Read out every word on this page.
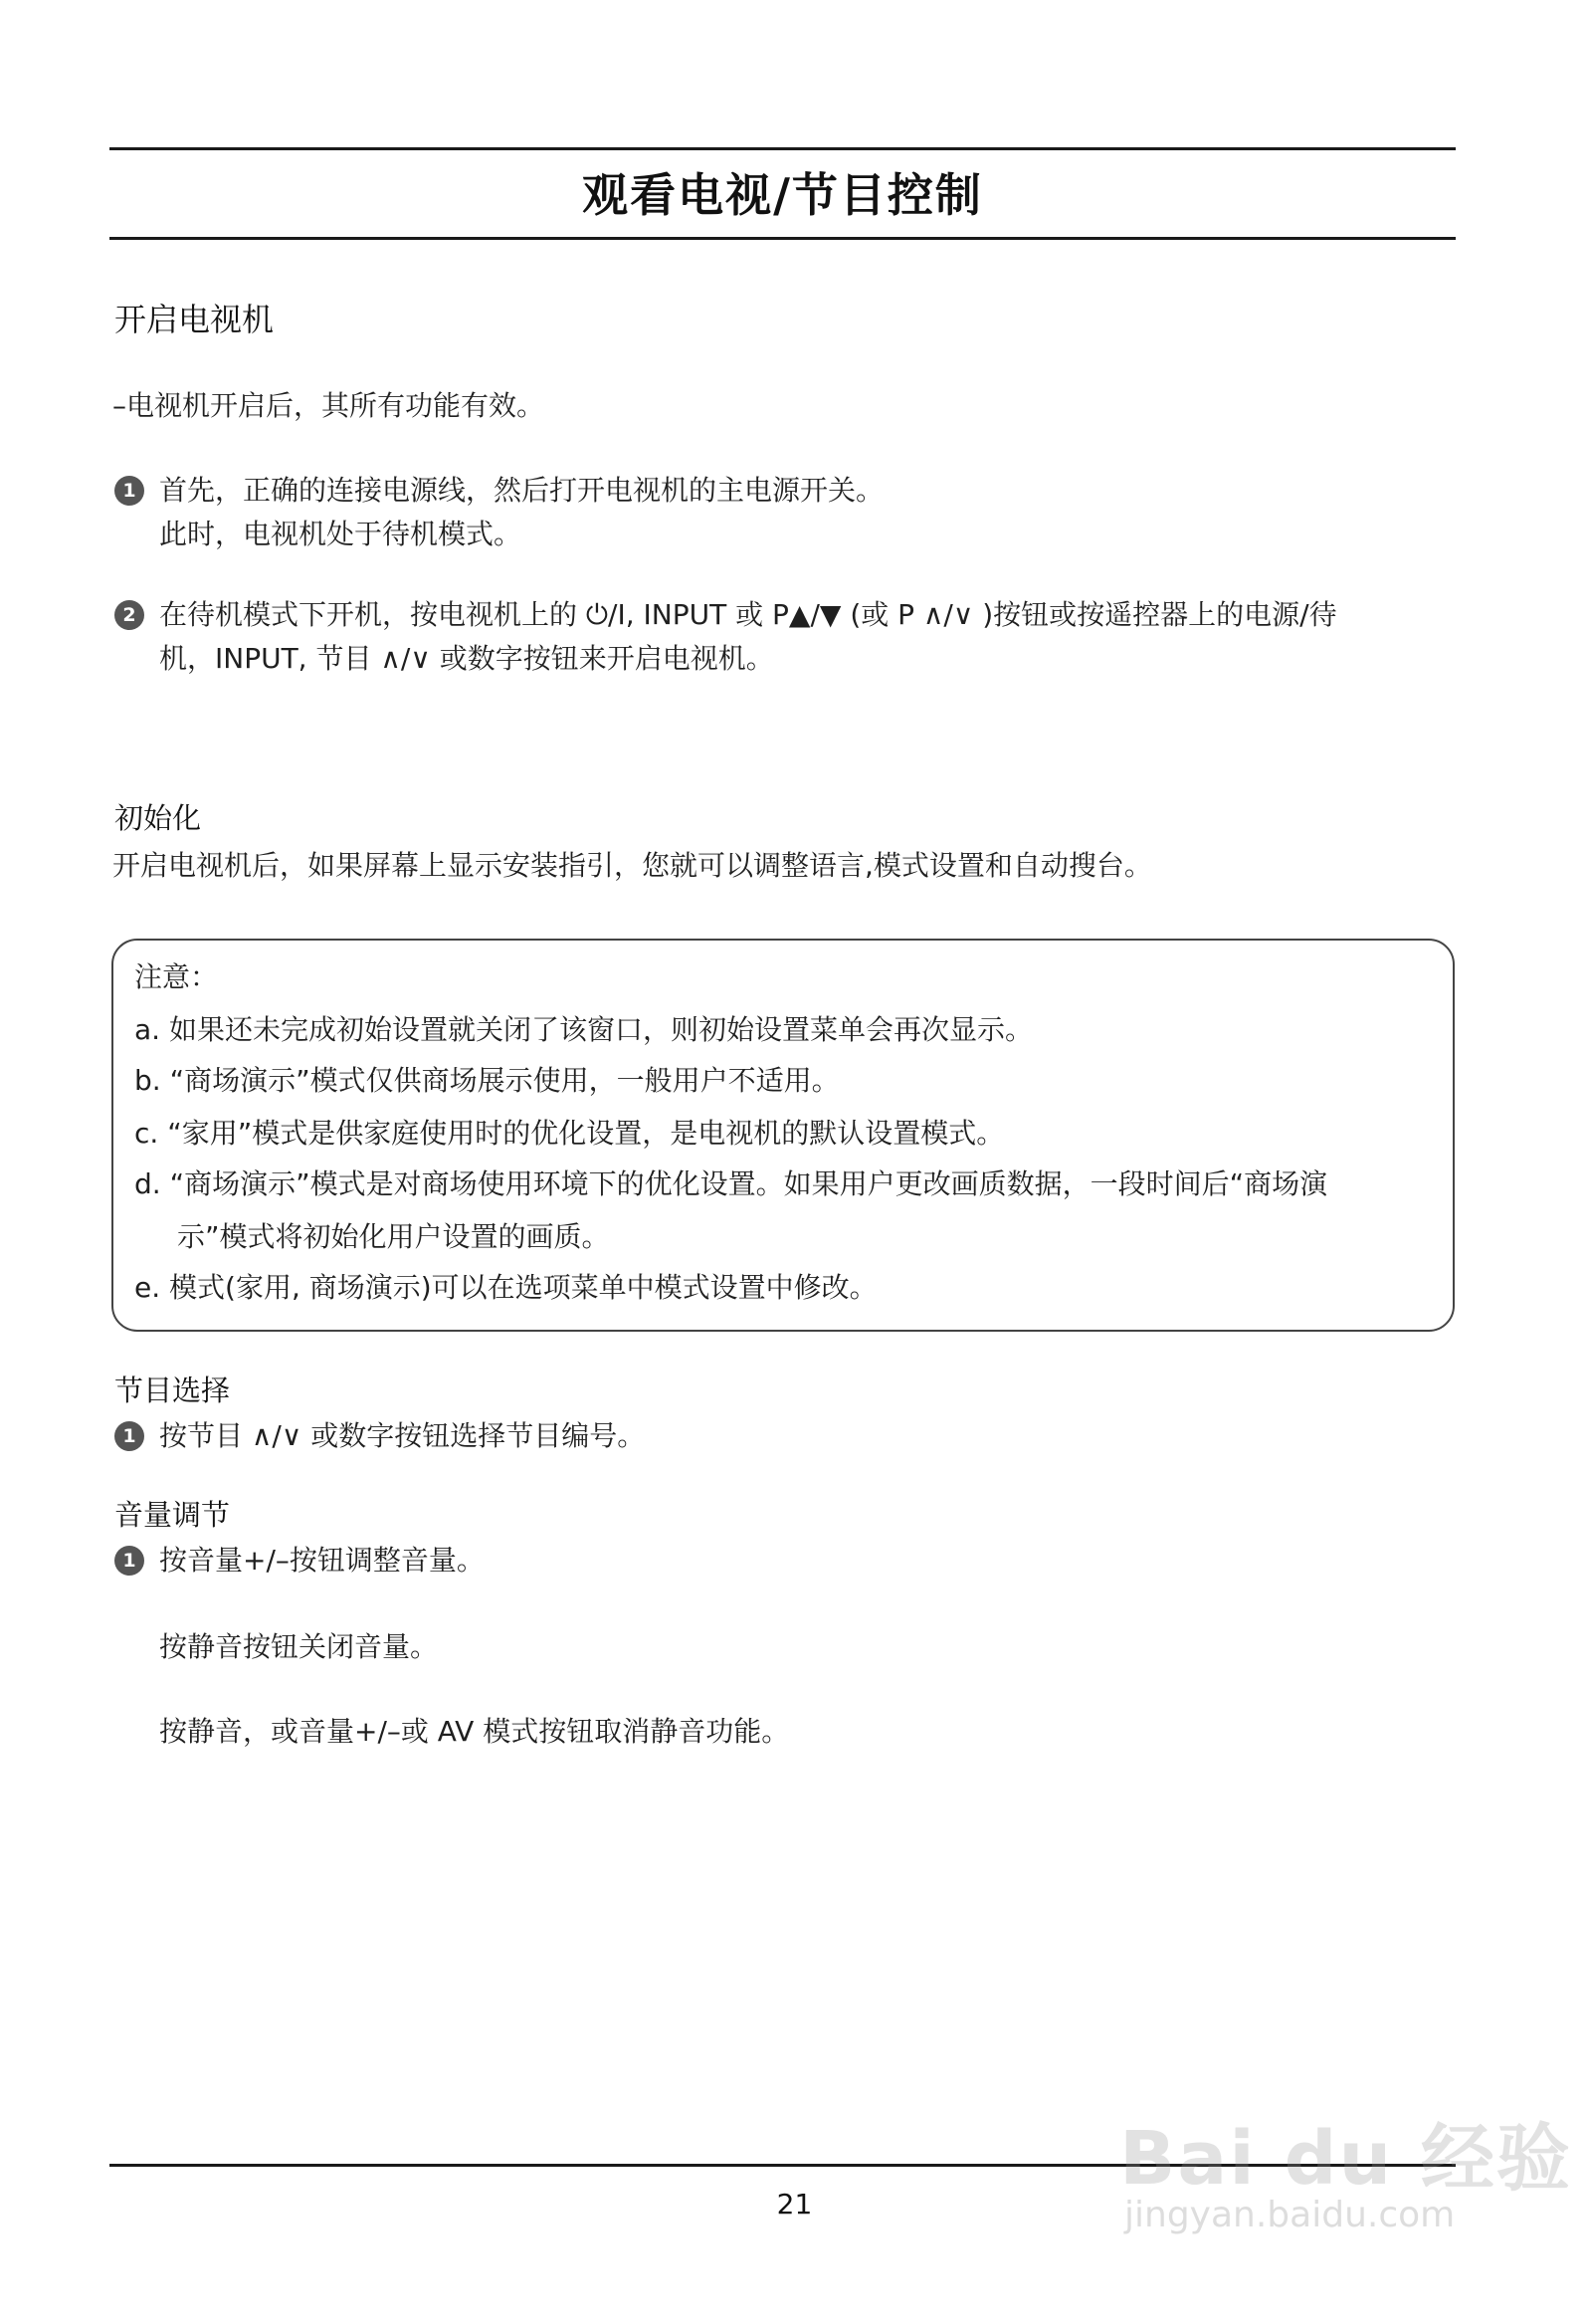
观看电视/节目控制
开启电视机
–电视机开启后，其所有功能有效。
1 首先，正确的连接电源线，然后打开电视机的主电源开关。
此时，电视机处于待机模式。
2 在待机模式下开机，按电视机上的 ⏻/I, INPUT 或 P▲/▼ (或 P ∧/∨ )按钮或按遥控器上的电源/待
机，INPUT, 节目 ∧/∨ 或数字按钮来开启电视机。
初始化
开启电视机后，如果屏幕上显示安装指引，您就可以调整语言,模式设置和自动搜台。
注意：
a. 如果还未完成初始设置就关闭了该窗口，则初始设置菜单会再次显示。
b. “商场演示”模式仅供商场展示使用，一般用户不适用。
c. “家用”模式是供家庭使用时的优化设置，是电视机的默认设置模式。
d. “商场演示”模式是对商场使用环境下的优化设置。如果用户更改画质数据，一段时间后“商场演
示”模式将初始化用户设置的画质。
e. 模式(家用, 商场演示)可以在选项菜单中模式设置中修改。
节目选择
1 按节目 ∧/∨ 或数字按钮选择节目编号。
音量调节
1 按音量+/–按钮调整音量。
按静音按钮关闭音量。
按静音，或音量+/–或 AV 模式按钮取消静音功能。
21
Bai du 经验
jingyan.baidu.com
